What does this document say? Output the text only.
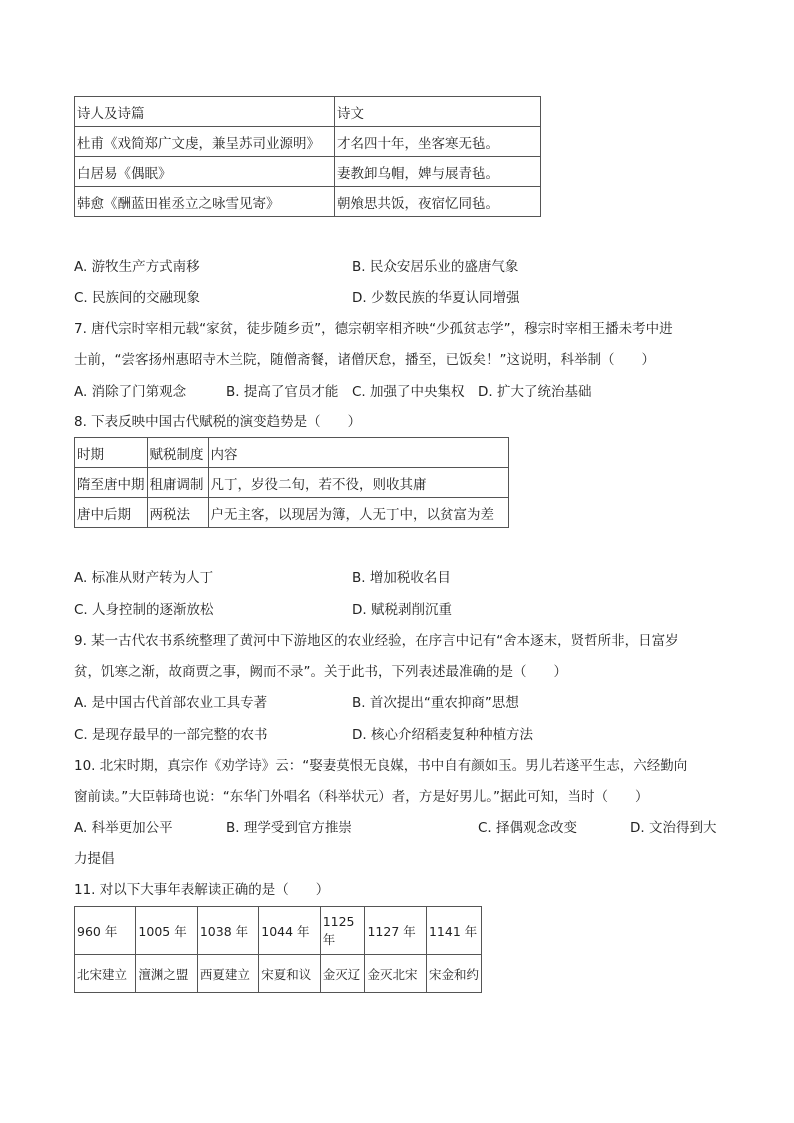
诗人及诗篇	诗文
杜甫《戏简郑广文虔，兼呈苏司业源明》	才名四十年，坐客寒无毡。
白居易《偶眠》	妻教卸乌帽，婢与展青毡。
韩愈《酬蓝田崔丞立之咏雪见寄》	朝飧思共饭，夜宿忆同毡。
A. 游牧生产方式南移	B. 民众安居乐业的盛唐气象
C. 民族间的交融现象	D. 少数民族的华夏认同增强
7. 唐代宗时宰相元载“家贫，徒步随乡贡”，德宗朝宰相齐映“少孤贫志学”，穆宗时宰相王播未考中进
士前，“尝客扬州惠昭寺木兰院，随僧斋餐，诸僧厌怠，播至，已饭矣！”这说明，科举制（　　）
A. 消除了门第观念	B. 提高了官员才能 C. 加强了中央集权 D. 扩大了统治基础
8. 下表反映中国古代赋税的演变趋势是（　　）
时期	赋税制度	内容
隋至唐中期	租庸调制	凡丁，岁役二旬，若不役，则收其庸
唐中后期	两税法	户无主客，以现居为簿，人无丁中，以贫富为差
A. 标准从财产转为人丁	B. 增加税收名目
C. 人身控制的逐渐放松	D. 赋税剥削沉重
9. 某一古代农书系统整理了黄河中下游地区的农业经验，在序言中记有“舍本逐末，贤哲所非，日富岁
贫，饥寒之渐，故商贾之事，阙而不录”。关于此书，下列表述最准确的是（　　）
A. 是中国古代首部农业工具专著	B. 首次提出“重农抑商”思想
C. 是现存最早的一部完整的农书	D. 核心介绍稻麦复种种植方法
10. 北宋时期，真宗作《劝学诗》云：“娶妻莫恨无良媒，书中自有颜如玉。男儿若遂平生志，六经勤向
窗前读。”大臣韩琦也说：“东华门外唱名（科举状元）者，方是好男儿。”据此可知，当时（　　）
A. 科举更加公平	B. 理学受到官方推崇	C. 择偶观念改变	D. 文治得到大
力提倡
11. 对以下大事年表解读正确的是（　　）
960 年	1005 年	1038 年	1044 年	1125 年	1127 年	1141 年
北宋建立	澶渊之盟	西夏建立	宋夏和议	金灭辽	金灭北宋	宋金和约
